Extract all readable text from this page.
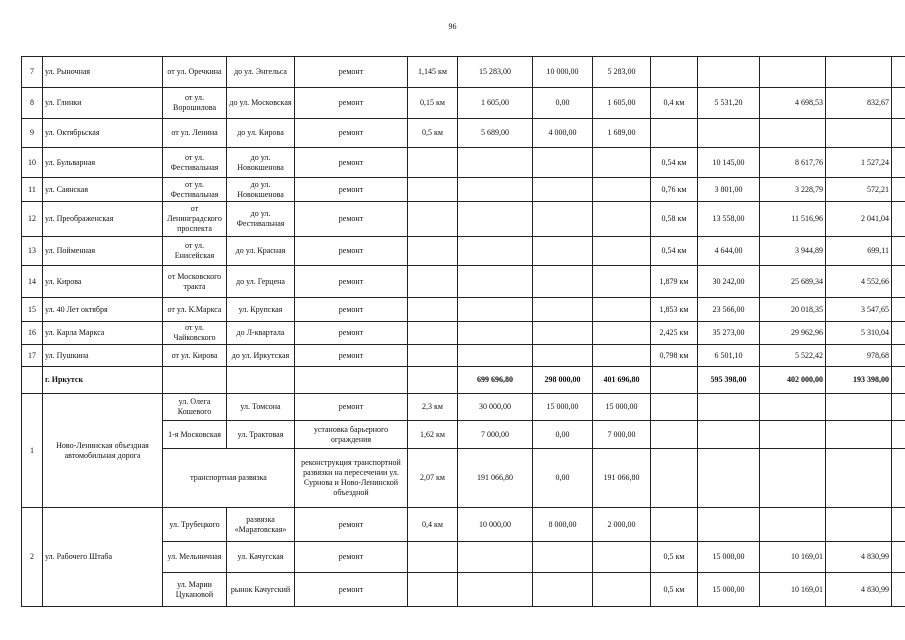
96
7	ул. Рыночная	от ул. Оречкина	до ул. Энгельса	ремонт	1,145 км	15 283,00	10 000,00	5 283,00					
8	ул. Глинки	от ул. Ворошилова	до ул. Московская	ремонт	0,15 км	1 605,00	0,00	1 605,00	0,4 км	5 531,20	4 698,53	832,67	
9	ул. Октябрьская	от ул. Ленина	до ул. Кирова	ремонт	0,5 км	5 689,00	4 000,00	1 689,00					
10	ул. Бульварная	от ул. Фестивальная	до ул. Новокшенова	ремонт					0,54 км	10 145,00	8 617,76	1 527,24	
11	ул. Саянская	от ул. Фестивальная	до ул. Новокшенова	ремонт					0,76 км	3 801,00	3 228,79	572,21	
12	ул. Преображенская	от Ленинградского проспекта	до ул. Фестивальная	ремонт					0,58 км	13 558,00	11 516,96	2 041,04	
13	ул. Пойменная	от ул. Енисейская	до ул. Красная	ремонт					0,54 км	4 644,00	3 944,89	699,11	
14	ул. Кирова	от Московского тракта	до ул. Герцена	ремонт					1,879 км	30 242,00	25 689,34	4 552,66	
15	ул. 40 Лет октября	от ул. К.Маркса	ул. Крупская	ремонт					1,853 км	23 566,00	20 018,35	3 547,65	
16	ул. Карла Маркса	от ул. Чайковского	до Л-квартала	ремонт					2,425 км	35 273,00	29 962,96	5 310,04	
17	ул. Пушкина	от ул. Кирова	до ул. Иркутская	ремонт					0,798 км	6 501,10	5 522,42	978,68	
	г. Иркутск					699 696,80	298 000,00	401 696,80		595 398,00	402 000,00	193 398,00	
1	Ново-Ленинская объездная автомобильная дорога	ул. Олега Кошевого	ул. Томсона	ремонт	2,3 км	30 000,00	15 000,00	15 000,00					
		1-я Московская	ул. Трактовая	установка барьерного ограждения	1,62 км	7 000,00	0,00	7 000,00					
		транспортная развязка		реконструкция транспортной развязки на пересечении ул. Сурнова и Ново-Ленинской объездной	2,07 км	191 066,80	0,00	191 066,80					
2	ул. Рабочего Штаба	ул. Трубецкого	развязка «Маратовская»	ремонт	0,4 км	10 000,00	8 000,00	2 000,00					
		ул. Мельничная	ул. Качугская	ремонт					0,5 км	15 000,00	10 169,01	4 830,99	
		ул. Марии Цукановой	рынок Качугский	ремонт					0,5 км	15 000,00	10 169,01	4 830,99	
